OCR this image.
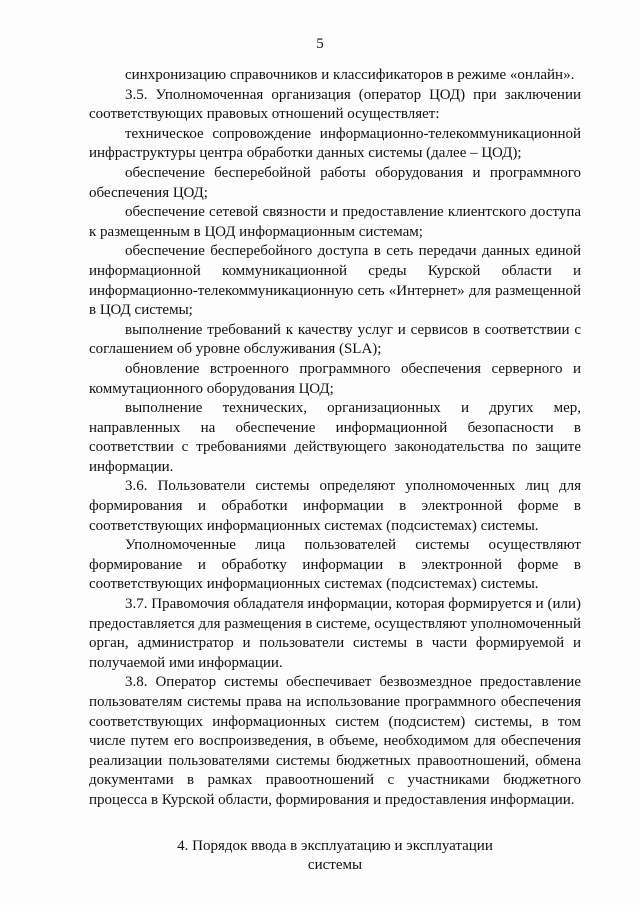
5

синхронизацию справочников и классификаторов в режиме «онлайн».

3.5. Уполномоченная организация (оператор ЦОД) при заключении соответствующих правовых отношений осуществляет:

техническое сопровождение информационно-телекоммуникационной инфраструктуры центра обработки данных системы (далее – ЦОД);

обеспечение бесперебойной работы оборудования и программного обеспечения ЦОД;

обеспечение сетевой связности и предоставление клиентского доступа к размещенным в ЦОД информационным системам;

обеспечение бесперебойного доступа в сеть передачи данных единой информационной коммуникационной среды Курской области и информационно-телекоммуникационную сеть «Интернет» для размещенной в ЦОД системы;

выполнение требований к качеству услуг и сервисов в соответствии с соглашением об уровне обслуживания (SLA);

обновление встроенного программного обеспечения серверного и коммутационного оборудования ЦОД;

выполнение технических, организационных и других мер, направленных на обеспечение информационной безопасности в соответствии с требованиями действующего законодательства по защите информации.

3.6. Пользователи системы определяют уполномоченных лиц для формирования и обработки информации в электронной форме в соответствующих информационных системах (подсистемах) системы.

Уполномоченные лица пользователей системы осуществляют формирование и обработку информации в электронной форме в соответствующих информационных системах (подсистемах) системы.

3.7. Правомочия обладателя информации, которая формируется и (или) предоставляется для размещения в системе, осуществляют уполномоченный орган, администратор и пользователи системы в части формируемой и получаемой ими информации.

3.8. Оператор системы обеспечивает безвозмездное предоставление пользователям системы права на использование программного обеспечения соответствующих информационных систем (подсистем) системы, в том числе путем его воспроизведения, в объеме, необходимом для обеспечения реализации пользователями системы бюджетных правоотношений, обмена документами в рамках правоотношений с участниками бюджетного процесса в Курской области, формирования и предоставления информации.

4. Порядок ввода в эксплуатацию и эксплуатации
системы
